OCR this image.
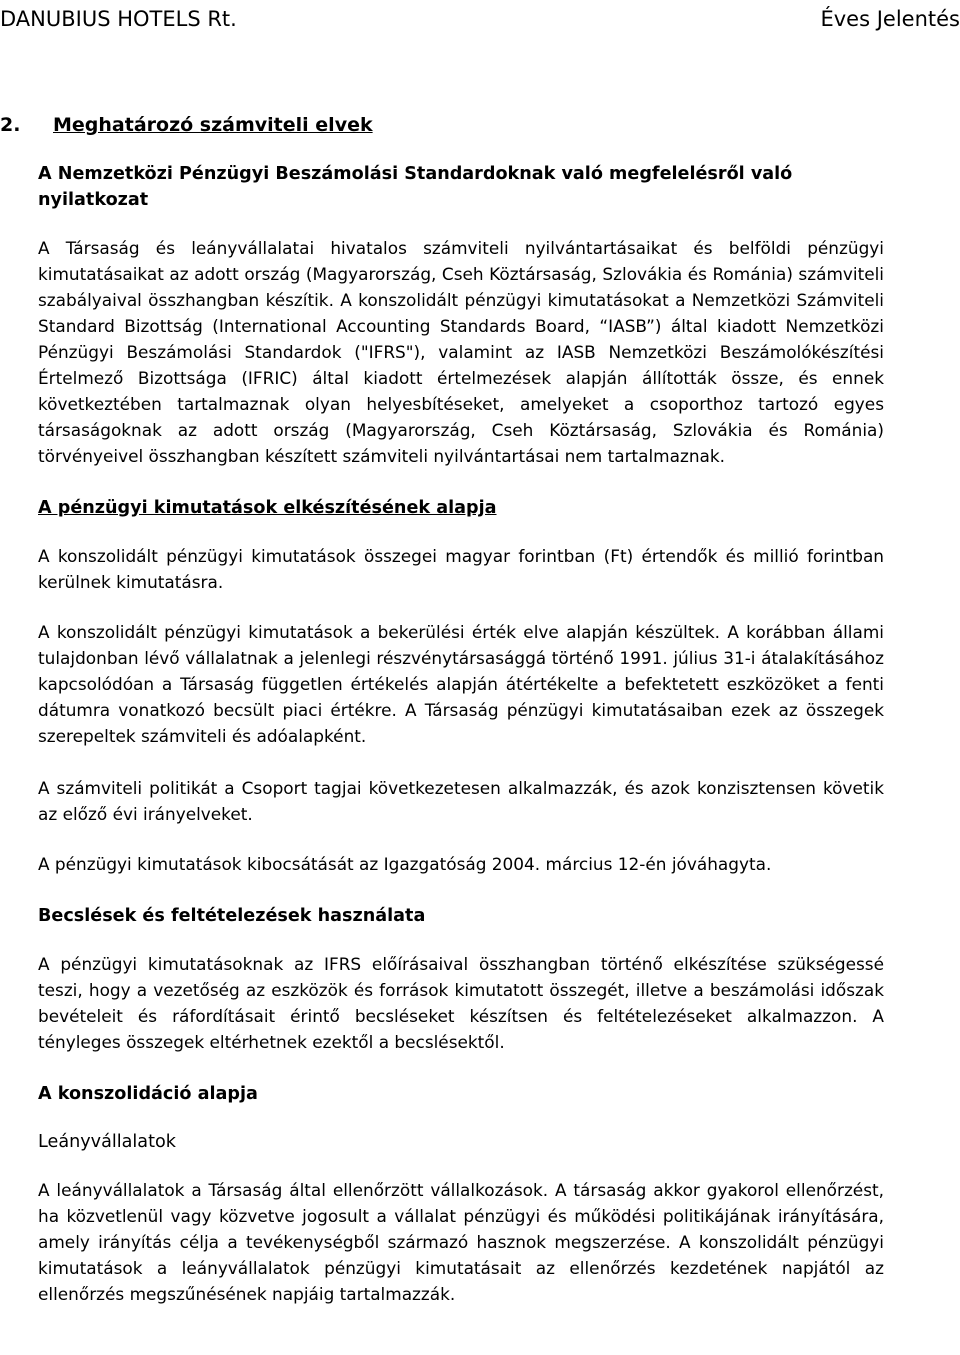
DANUBIUS HOTELS Rt.	Éves Jelentés
2. Meghatározó számviteli elvek
A Nemzetközi Pénzügyi Beszámolási Standardoknak való megfelelésről való nyilatkozat
A Társaság és leányvállalatai hivatalos számviteli nyilvántartásaikat és belföldi pénzügyi kimutatásaikat az adott ország (Magyarország, Cseh Köztársaság, Szlovákia és Románia) számviteli szabályaival összhangban készítik. A konszolidált pénzügyi kimutatásokat a Nemzetközi Számviteli Standard Bizottság (International Accounting Standards Board, “IASB”) által kiadott Nemzetközi Pénzügyi Beszámolási Standardok ("IFRS"), valamint az IASB Nemzetközi Beszámolókészítési Értelmező Bizottsága (IFRIC) által kiadott értelmezések alapján állították össze, és ennek következtében tartalmaznak olyan helyesbítéseket, amelyeket a csoporthoz tartozó egyes társaságoknak az adott ország (Magyarország, Cseh Köztársaság, Szlovákia és Románia) törvényeivel összhangban készített számviteli nyilvántartásai nem tartalmaznak.
A pénzügyi kimutatások elkészítésének alapja
A konszolidált pénzügyi kimutatások összegei magyar forintban (Ft) értendők és millió forintban kerülnek kimutatásra.
A konszolidált pénzügyi kimutatások a bekerülési érték elve alapján készültek. A korábban állami tulajdonban lévő vállalatnak a jelenlegi részvénytársasággá történő 1991. július 31-i átalakításához kapcsolódóan a Társaság független értékelés alapján átértékelte a befektetett eszközöket a fenti dátumra vonatkozó becsült piaci értékre. A Társaság pénzügyi kimutatásaiban ezek az összegek szerepeltek számviteli és adóalapként.
A számviteli politikát a Csoport tagjai következetesen alkalmazzák, és azok konzisztensen követik az előző évi irányelveket.
A pénzügyi kimutatások kibocsátását az Igazgatóság 2004. március 12-én jóváhagyta.
Becslések és feltételezések használata
A pénzügyi kimutatásoknak az IFRS előírásaival összhangban történő elkészítése szükségessé teszi, hogy a vezetőség az eszközök és források kimutatott összegét, illetve a beszámolási időszak bevételeit és ráfordításait érintő becsléseket készítsen és feltételezéseket alkalmazzon. A tényleges összegek eltérhetnek ezektől a becslésektől.
A konszolidáció alapja
Leányvállalatok
A leányvállalatok a Társaság által ellenőrzött vállalkozások. A társaság akkor gyakorol ellenőrzést, ha közvetlenül vagy közvetve jogosult a vállalat pénzügyi és működési politikájának irányítására, amely irányítás célja a tevékenységből származó hasznok megszerzése. A konszolidált pénzügyi kimutatások a leányvállalatok pénzügyi kimutatásait az ellenőrzés kezdetének napjától az ellenőrzés megszűnésének napjáig tartalmazzák.
